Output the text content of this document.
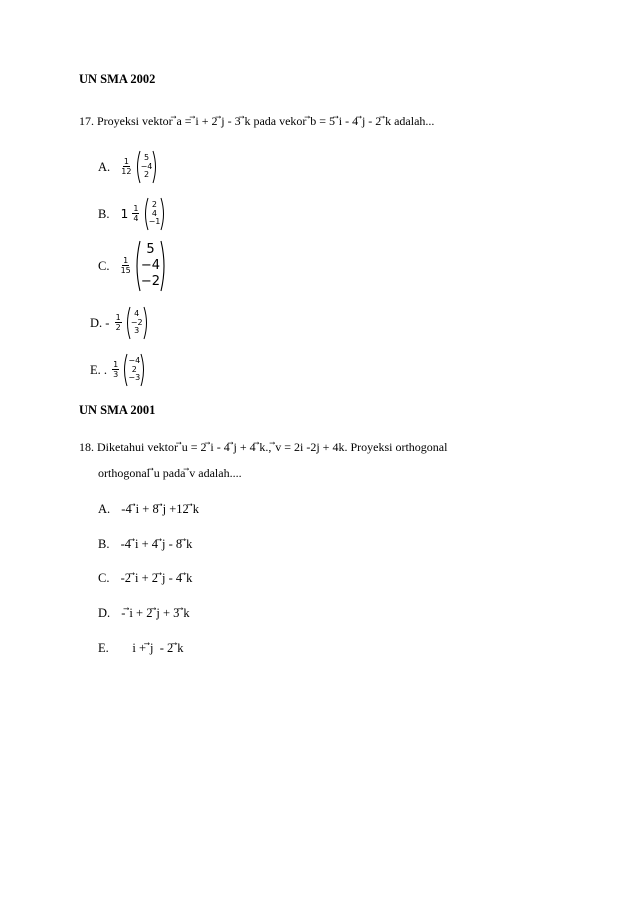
UN SMA 2002
17. Proyeksi vektor ⃗a = ⃗i + 2 ⃗j - 3 ⃗k pada vekor ⃗b = 5 ⃗i - 4 ⃗j - 2 ⃗k adalah...
A. $\frac{1}{12}$

5
−4
2
B. $1 \frac{1}{4}$

2
4
−1
C. $\frac{1}{15}$

5
−4
−2
D. - $\frac{1}{2}$

4
−2
3
E. . $\frac{1}{3}$

−4
2
−3
UN SMA 2001
18. Diketahui vektor ⃗u = 2 ⃗i - 4 ⃗j + 4 ⃗k., ⃗v = 2i -2j + 4k. Proyeksi orthogonal
orthogonal ⃗u pada ⃗v adalah....
A. -4 ⃗i + 8 ⃗j +12 ⃗k
B. -4 ⃗i + 4 ⃗j - 8 ⃗k
C. -2 ⃗i + 2 ⃗j - 4 ⃗k
D. - ⃗i + 2 ⃗j + 3 ⃗k
E.     i + ⃗j  - 2 ⃗k
